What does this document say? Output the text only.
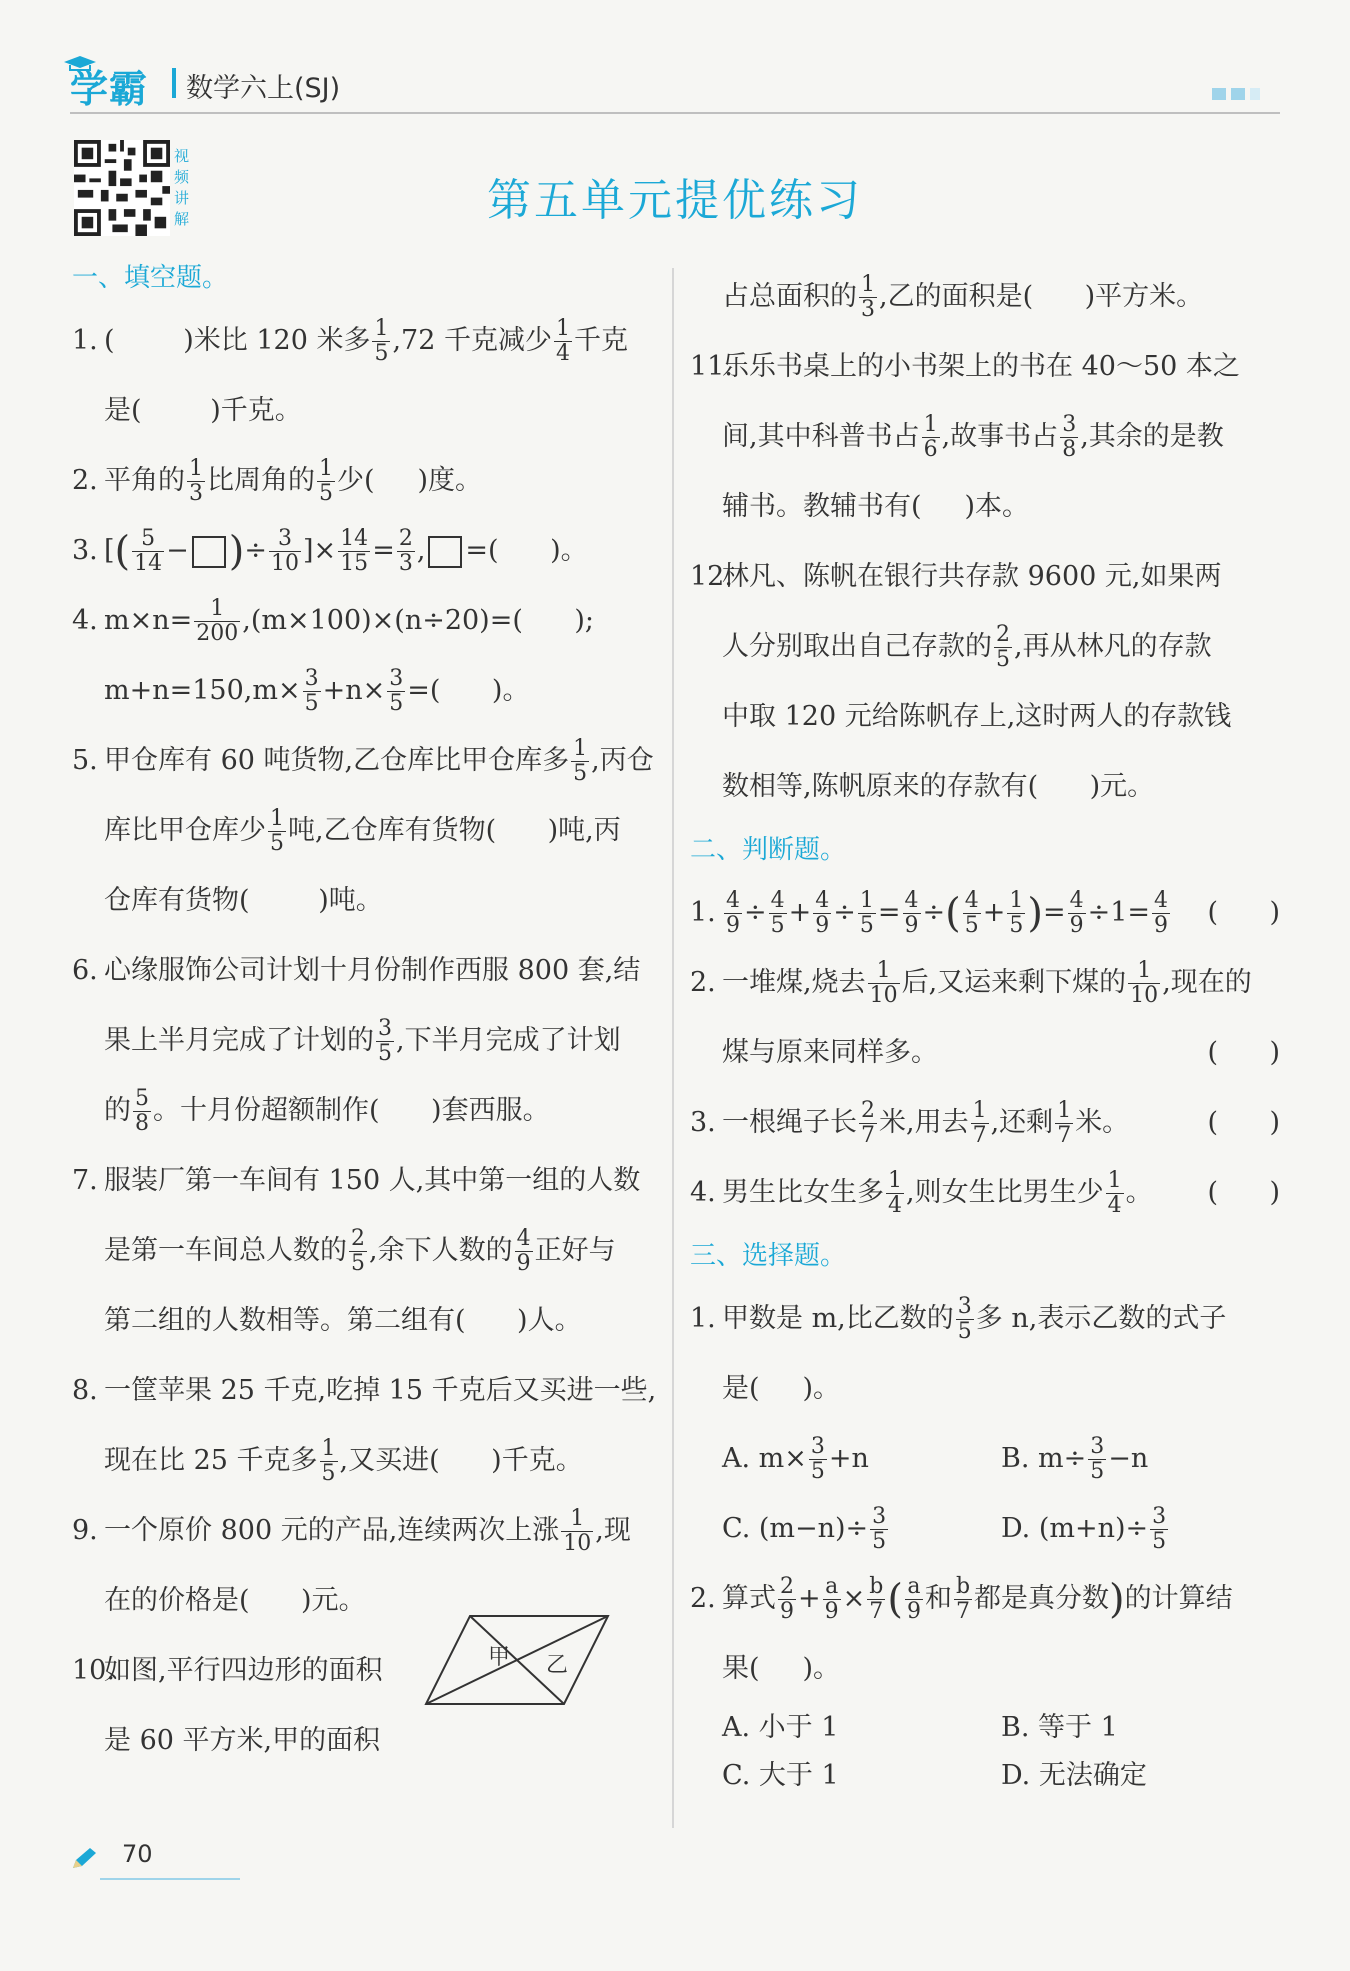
学霸 数学六上(SJ)
视频讲解	第五单元提优练习
一、填空题。
1. (	)米比 120 米多 $\frac{1}{5} ,72$ 千克减少 $\frac{1}{4}$ 千克
是(	)千克。
2. 平角的 $\frac{1}{3}$ 比周角的 $\frac{1}{5}$ 少( )度。
3. [( $\frac{5}{14}$ − )÷ $\frac{3}{10}$ ]× $\frac{14}{15} = \frac{2}{3}$ , =( )。
4. $m\times n= \frac{1}{200} ,(m\times 100)\times(n\div 20)=$( );
$m+n=150,m\times \frac{3}{5} +n\times \frac{3}{5}$ =( )。
5. 甲仓库有 60 吨货物,乙仓库比甲仓库多 $\frac{1}{5}$ ,丙仓
库比甲仓库少 $\frac{1}{5}$ 吨,乙仓库有货物( )吨,丙
仓库有货物(	)吨。
6. 心缘服饰公司计划十月份制作西服 800 套,结
果上半月完成了计划的 $\frac{3}{5}$ ,下半月完成了计划
的 $\frac{5}{8}$ 。十月份超额制作( )套西服。
7. 服装厂第一车间有 150 人,其中第一组的人数
是第一车间总人数的 $\frac{2}{5}$ ,余下人数的 $\frac{4}{9}$ 正好与
第二组的人数相等。第二组有( )人。
8. 一筐苹果 25 千克,吃掉 15 千克后又买进一些,
现在比 25 千克多 $\frac{1}{5}$ ,又买进( )千克。
9. 一个原价 800 元的产品,连续两次上涨 $\frac{1}{10}$ ,现
在的价格是( )元。
10.
如图,平行四边形的面积
是 60 平方米,甲的面积
甲 乙
占总面积的 $\frac{1}{3}$ ,乙的面积是( )平方米。
11.
乐乐书桌上的小书架上的书在 40～50 本之
间,其中科普书占 $\frac{1}{6}$ ,故事书占 $\frac{3}{8}$ ,其余的是教
辅书。教辅书有( )本。
12.
林凡、陈帆在银行共存款 9600 元,如果两
人分别取出自己存款的 $\frac{2}{5}$ ,再从林凡的存款
中取 120 元给陈帆存上,这时两人的存款钱
数相等,陈帆原来的存款有( )元。
二、判断题。
1. $\frac{4}{9} \div \frac{4}{5} + \frac{4}{9} \div \frac{1}{5} = \frac{4}{9}$ ÷( $\frac{4}{5} + \frac{1}{5}$ )= $\frac{4}{9} \div 1= \frac{4}{9}$ (      )
2. 一堆煤,烧去 $\frac{1}{10}$ 后,又运来剩下煤的 $\frac{1}{10}$ ,现在的
煤与原来同样多。	(      )
3. 一根绳子长 $\frac{2}{7}$ 米,用去 $\frac{1}{7}$ ,还剩 $\frac{1}{7}$ 米。	(      )
4. 男生比女生多 $\frac{1}{4}$ ,则女生比男生少 $\frac{1}{4}$ 。 (      )
三、选择题。
1. 甲数是 m,比乙数的 $\frac{3}{5}$ 多 n,表示乙数的式子
是( )。
A. $m\times \frac{3}{5} +n$	B. $m\div \frac{3}{5} -n$
C. $(m-n)\div \frac{3}{5}$	D. $(m+n)\div \frac{3}{5}$
2. 算式 $\frac{2}{9} + \frac{a}{9} \times \frac{b}{7}$ ( $\frac{a}{9}$ 和 $\frac{b}{7}$ 都是真分数)的计算结
果( )。
A. 小于 1	B. 等于 1
C. 大于 1	D. 无法确定
70
